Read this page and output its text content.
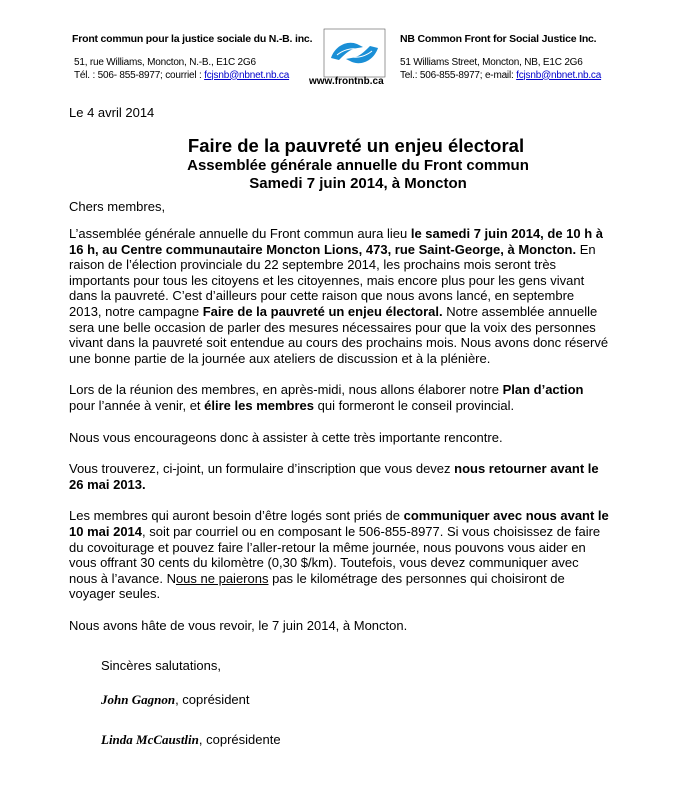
Front commun pour la justice sociale du N.-B. inc.
51, rue Williams, Moncton, N.-B., E1C 2G6
Tél. : 506- 855-8977; courriel : fcjsnb@nbnet.nb.ca
www.frontnb.ca
NB Common Front for Social Justice Inc.
51 Williams Street, Moncton, NB, E1C 2G6
Tel.: 506-855-8977; e-mail: fcjsnb@nbnet.nb.ca
Le 4 avril 2014
Faire de la pauvreté un enjeu électoral
Assemblée générale annuelle du Front commun
Samedi 7 juin 2014, à Moncton
Chers membres,

L’assemblée générale annuelle du Front commun aura lieu le samedi 7 juin 2014, de 10 h à 16 h, au Centre communautaire Moncton Lions, 473, rue Saint-George, à Moncton. En raison de l’élection provinciale du 22 septembre 2014, les prochains mois seront très importants pour tous les citoyens et les citoyennes, mais encore plus pour les gens vivant dans la pauvreté. C’est d’ailleurs pour cette raison que nous avons lancé, en septembre 2013, notre campagne Faire de la pauvreté un enjeu électoral. Notre assemblée annuelle sera une belle occasion de parler des mesures nécessaires pour que la voix des personnes vivant dans la pauvreté soit entendue au cours des prochains mois. Nous avons donc réservé une bonne partie de la journée aux ateliers de discussion et à la plénière.

Lors de la réunion des membres, en après-midi, nous allons élaborer notre Plan d’action pour l’année à venir, et élire les membres qui formeront le conseil provincial.

Nous vous encourageons donc à assister à cette très importante rencontre.

Vous trouverez, ci-joint, un formulaire d’inscription que vous devez nous retourner avant le 26 mai 2013.

Les membres qui auront besoin d’être logés sont priés de communiquer avec nous avant le 10 mai 2014, soit par courriel ou en composant le 506-855-8977. Si vous choisissez de faire du covoiturage et pouvez faire l’aller-retour la même journée, nous pouvons vous aider en vous offrant 30 cents du kilomètre (0,30 $/km). Toutefois, vous devez communiquer avec nous à l’avance. Nous ne paierons pas le kilométrage des personnes qui choisiront de voyager seules.

Nous avons hâte de vous revoir, le 7 juin 2014, à Moncton.

Sincères salutations,
John Gagnon, coprésident
Linda McCaustlin, coprésidente
